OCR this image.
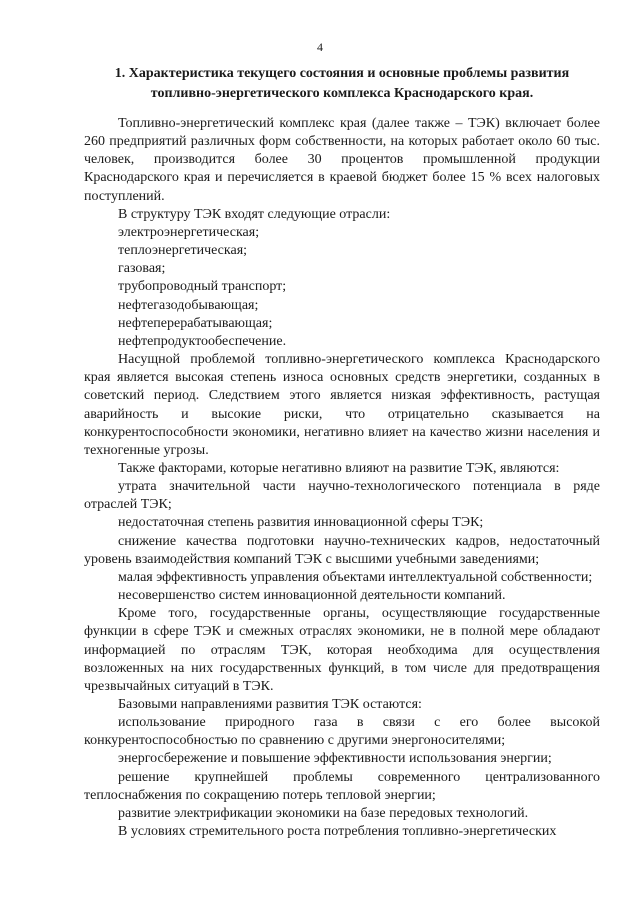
4
1. Характеристика текущего состояния и основные проблемы развития топливно-энергетического комплекса Краснодарского края.

Топливно-энергетический комплекс края (далее также – ТЭК) включает более 260 предприятий различных форм собственности, на которых работает около 60 тыс. человек, производится более 30 процентов промышленной продукции Краснодарского края и перечисляется в краевой бюджет более 15 % всех налоговых поступлений.

В структуру ТЭК входят следующие отрасли:

электроэнергетическая;

теплоэнергетическая;

газовая;

трубопроводный транспорт;

нефтегазодобывающая;

нефтеперерабатывающая;

нефтепродуктообеспечение.

Насущной проблемой топливно-энергетического комплекса Краснодарского края является высокая степень износа основных средств энергетики, созданных в советский период. Следствием этого является низкая эффективность, растущая аварийность и высокие риски, что отрицательно сказывается на конкурентоспособности экономики, негативно влияет на качество жизни населения и техногенные угрозы.

Также факторами, которые негативно влияют на развитие ТЭК, являются:

утрата значительной части научно-технологического потенциала в ряде отраслей ТЭК;

недостаточная степень развития инновационной сферы ТЭК;

снижение качества подготовки научно-технических кадров, недостаточный уровень взаимодействия компаний ТЭК с высшими учебными заведениями;

малая эффективность управления объектами интеллектуальной собственности;

несовершенство систем инновационной деятельности компаний.

Кроме того, государственные органы, осуществляющие государственные функции в сфере ТЭК и смежных отраслях экономики, не в полной мере обладают информацией по отраслям ТЭК, которая необходима для осуществления возложенных на них государственных функций, в том числе для предотвращения чрезвычайных ситуаций в ТЭК.

Базовыми направлениями развития ТЭК остаются:

использование природного газа в связи с его более высокой конкурентоспособностью по сравнению с другими энергоносителями;

энергосбережение и повышение эффективности использования энергии;

решение крупнейшей проблемы современного централизованного теплоснабжения по сокращению потерь тепловой энергии;

развитие электрификации экономики на базе передовых технологий.

В условиях стремительного роста потребления топливно-энергетических
